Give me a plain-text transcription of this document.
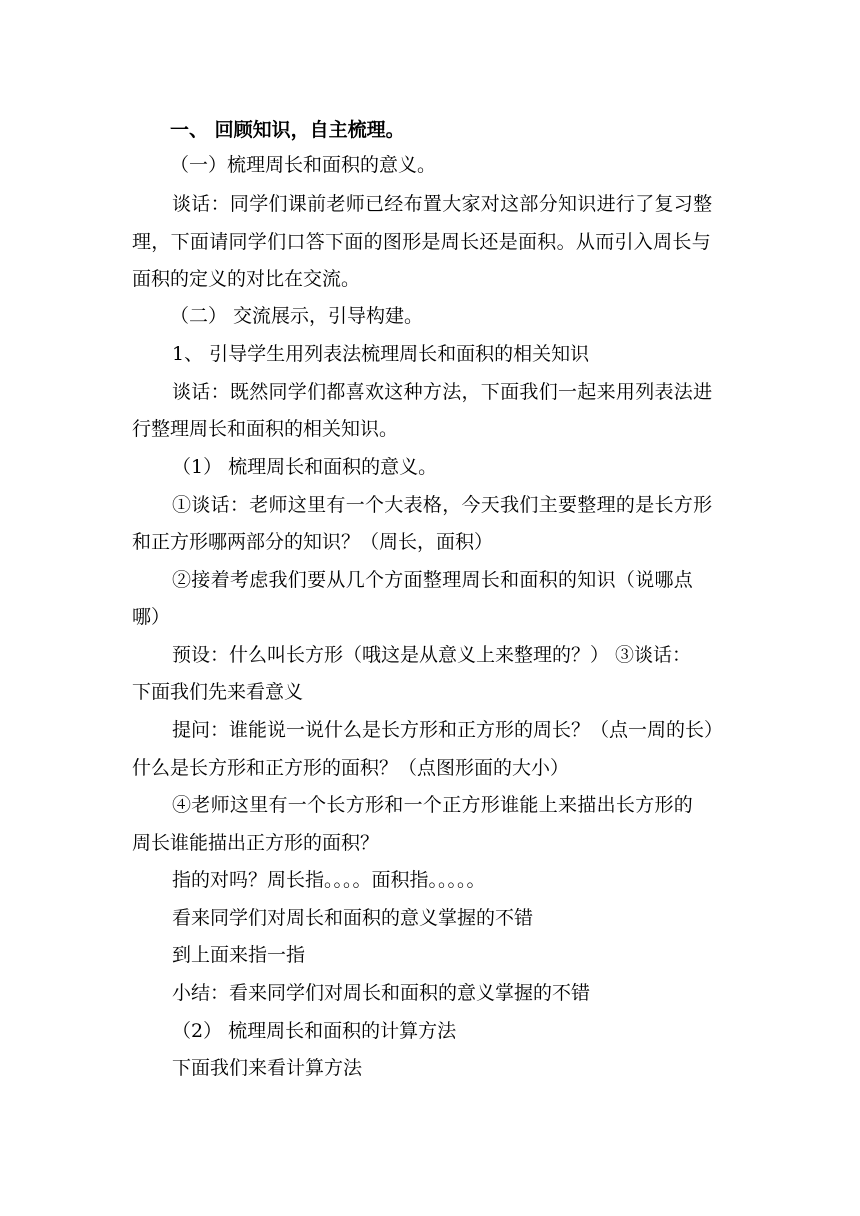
一、 回顾知识，自主梳理。
（一）梳理周长和面积的意义。
谈话：同学们课前老师已经布置大家对这部分知识进行了复习整
理，下面请同学们口答下面的图形是周长还是面积。从而引入周长与
面积的定义的对比在交流。
（二） 交流展示，引导构建。
1、 引导学生用列表法梳理周长和面积的相关知识
谈话：既然同学们都喜欢这种方法，下面我们一起来用列表法进
行整理周长和面积的相关知识。
（1） 梳理周长和面积的意义。
①谈话：老师这里有一个大表格，今天我们主要整理的是长方形
和正方形哪两部分的知识？（周长，面积）
②接着考虑我们要从几个方面整理周长和面积的知识（说哪点
哪）
预设：什么叫长方形（哦这是从意义上来整理的？） ③谈话：
下面我们先来看意义
提问：谁能说一说什么是长方形和正方形的周长？（点一周的长）
什么是长方形和正方形的面积？（点图形面的大小）
④老师这里有一个长方形和一个正方形谁能上来描出长方形的
周长谁能描出正方形的面积？
指的对吗？周长指。。。。面积指。。。。。
看来同学们对周长和面积的意义掌握的不错
到上面来指一指
小结：看来同学们对周长和面积的意义掌握的不错
（2） 梳理周长和面积的计算方法
下面我们来看计算方法
